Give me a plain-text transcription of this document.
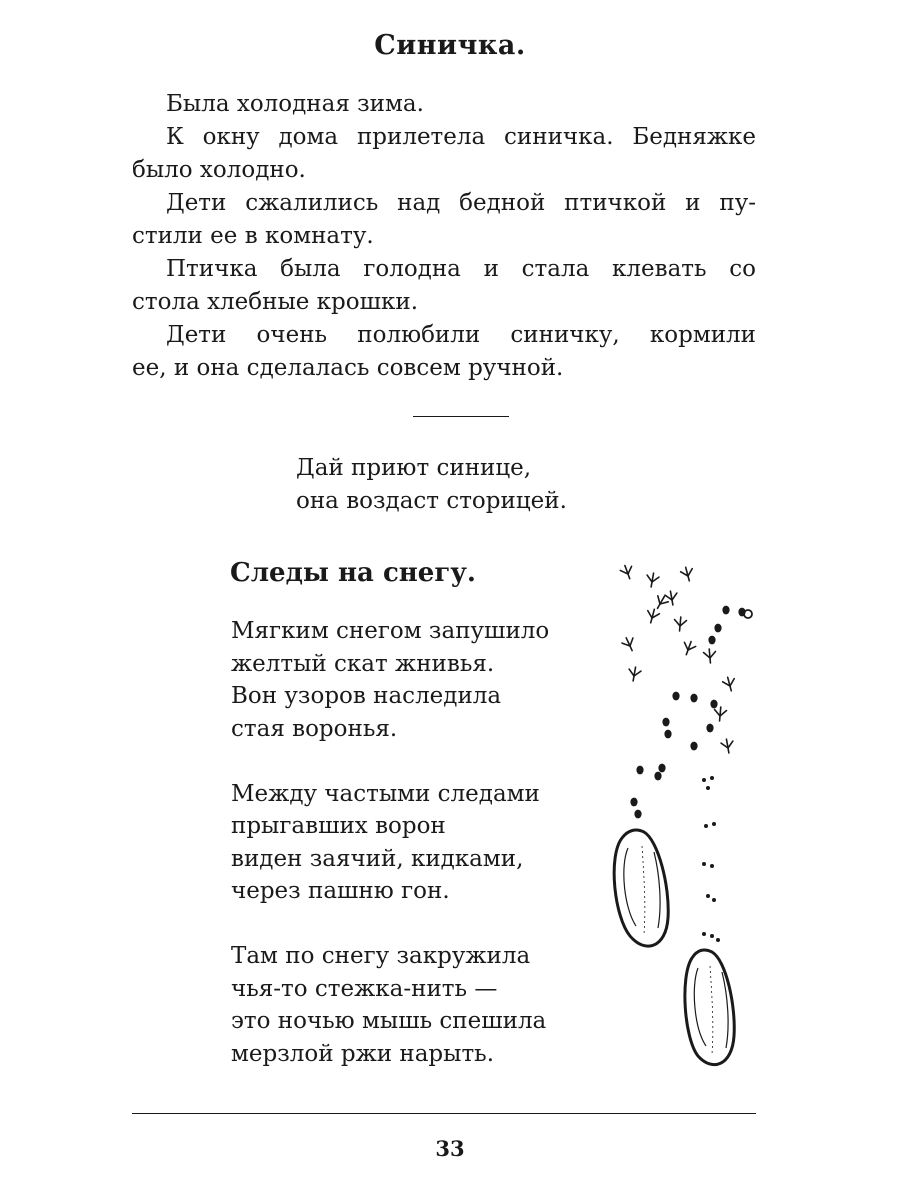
Синичка.

Была холодная зима.

К окну дома прилетела синичка. Бедняжке
было холодно.

Дети сжалились над бедной птичкой и пу-
стили ее в комнату.

Птичка была голодна и стала клевать со
стола хлебные крошки.

Дети очень полюбили синичку, кормили
ее, и она сделалась совсем ручной.

Дай приют синице,
она воздаст сторицей.
Следы на снегу.
Мягким снегом запушило
желтый скат жнивья.
Вон узоров наследила
стая воронья.
Между частыми следами
прыгавших ворон
виден заячий, кидками,
через пашню гон.
Там по снегу закружила
чья-то стежка-нить —
это ночью мышь спешила
мерзлой ржи нарыть.
33
